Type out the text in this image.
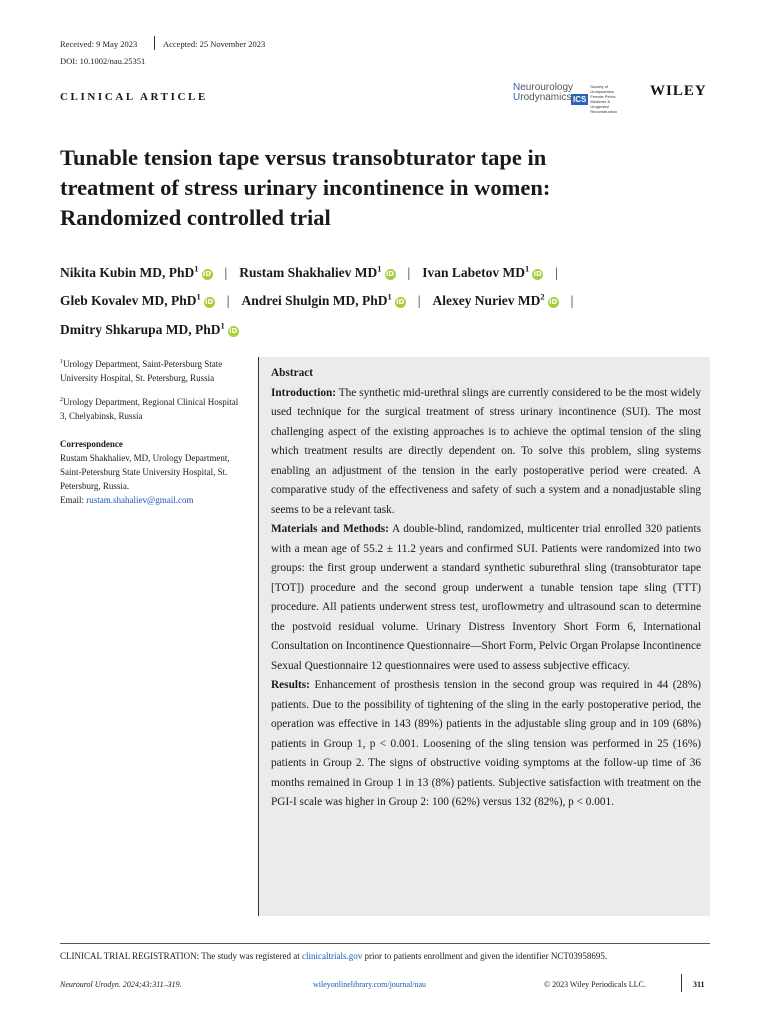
Received: 9 May 2023	Accepted: 25 November 2023
DOI: 10.1002/nau.25351
CLINICAL ARTICLE
Neurourology
Urodynamics ICS
Society of Urodynamics, Female Pelvic Medicine & Urogenital Reconstruction
WILEY
Tunable tension tape versus transobturator tape in
treatment of stress urinary incontinence in women:
Randomized controlled trial
Nikita Kubin MD, PhD$^1$iD | Rustam Shakhaliev $MD^1iD$ | Ivan Labetov $MD^1iD$ |
Gleb Kovalev MD, PhD$^1$iD | Andrei Shulgin MD, PhD$^1$iD | Alexey Nuriev $MD^2iD$ |
Dmitry Shkarupa MD, PhD$^1$iD

$^1$Urology Department, Saint-Petersburg State University Hospital, St. Petersburg, Russia

$^2$Urology Department, Regional Clinical Hospital 3, Chelyabinsk, Russia

Correspondence
Rustam Shakhaliev, MD, Urology Department, Saint-Petersburg State University Hospital, St. Petersburg, Russia.
Email: rustam.shahaliev@gmail.com
Abstract

Introduction: The synthetic mid-urethral slings are currently considered to be the most widely used technique for the surgical treatment of stress urinary incontinence (SUI). The most challenging aspect of the existing approaches is to achieve the optimal tension of the sling which treatment results are directly dependent on. To solve this problem, sling systems enabling an adjustment of the tension in the early postoperative period were created. A comparative study of the effectiveness and safety of such a system and a nonadjustable sling seems to be a relevant task.

Materials and Methods: A double-blind, randomized, multicenter trial enrolled 320 patients with a mean age of 55.2 ± 11.2 years and confirmed SUI. Patients were randomized into two groups: the first group underwent a standard synthetic suburethral sling (transobturator tape [TOT]) procedure and the second group underwent a tunable tension tape sling (TTT) procedure. All patients underwent stress test, uroflowmetry and ultrasound scan to determine the postvoid residual volume. Urinary Distress Inventory Short Form 6, International Consultation on Incontinence Questionnaire—Short Form, Pelvic Organ Prolapse Incontinence Sexual Questionnaire 12 questionnaires were used to assess subjective efficacy.

Results: Enhancement of prosthesis tension in the second group was required in 44 (28%) patients. Due to the possibility of tightening of the sling in the early postoperative period, the operation was effective in 143 (89%) patients in the adjustable sling group and in 109 (68%) patients in Group 1, p < 0.001. Loosening of the sling tension was performed in 25 (16%) patients in Group 2. The signs of obstructive voiding symptoms at the follow-up time of 36 months remained in Group 1 in 13 (8%) patients. Subjective satisfaction with treatment on the PGI-I scale was higher in Group 2: 100 (62%) versus 132 (82%), p < 0.001.

CLINICAL TRIAL REGISTRATION: The study was registered at clinicaltrials.gov prior to patients enrollment and given the identifier NCT03958695.
Neurourol Urodyn. 2024;43:311–319.	wileyonlinelibrary.com/journal/nau	© 2023 Wiley Periodicals LLC.	311
